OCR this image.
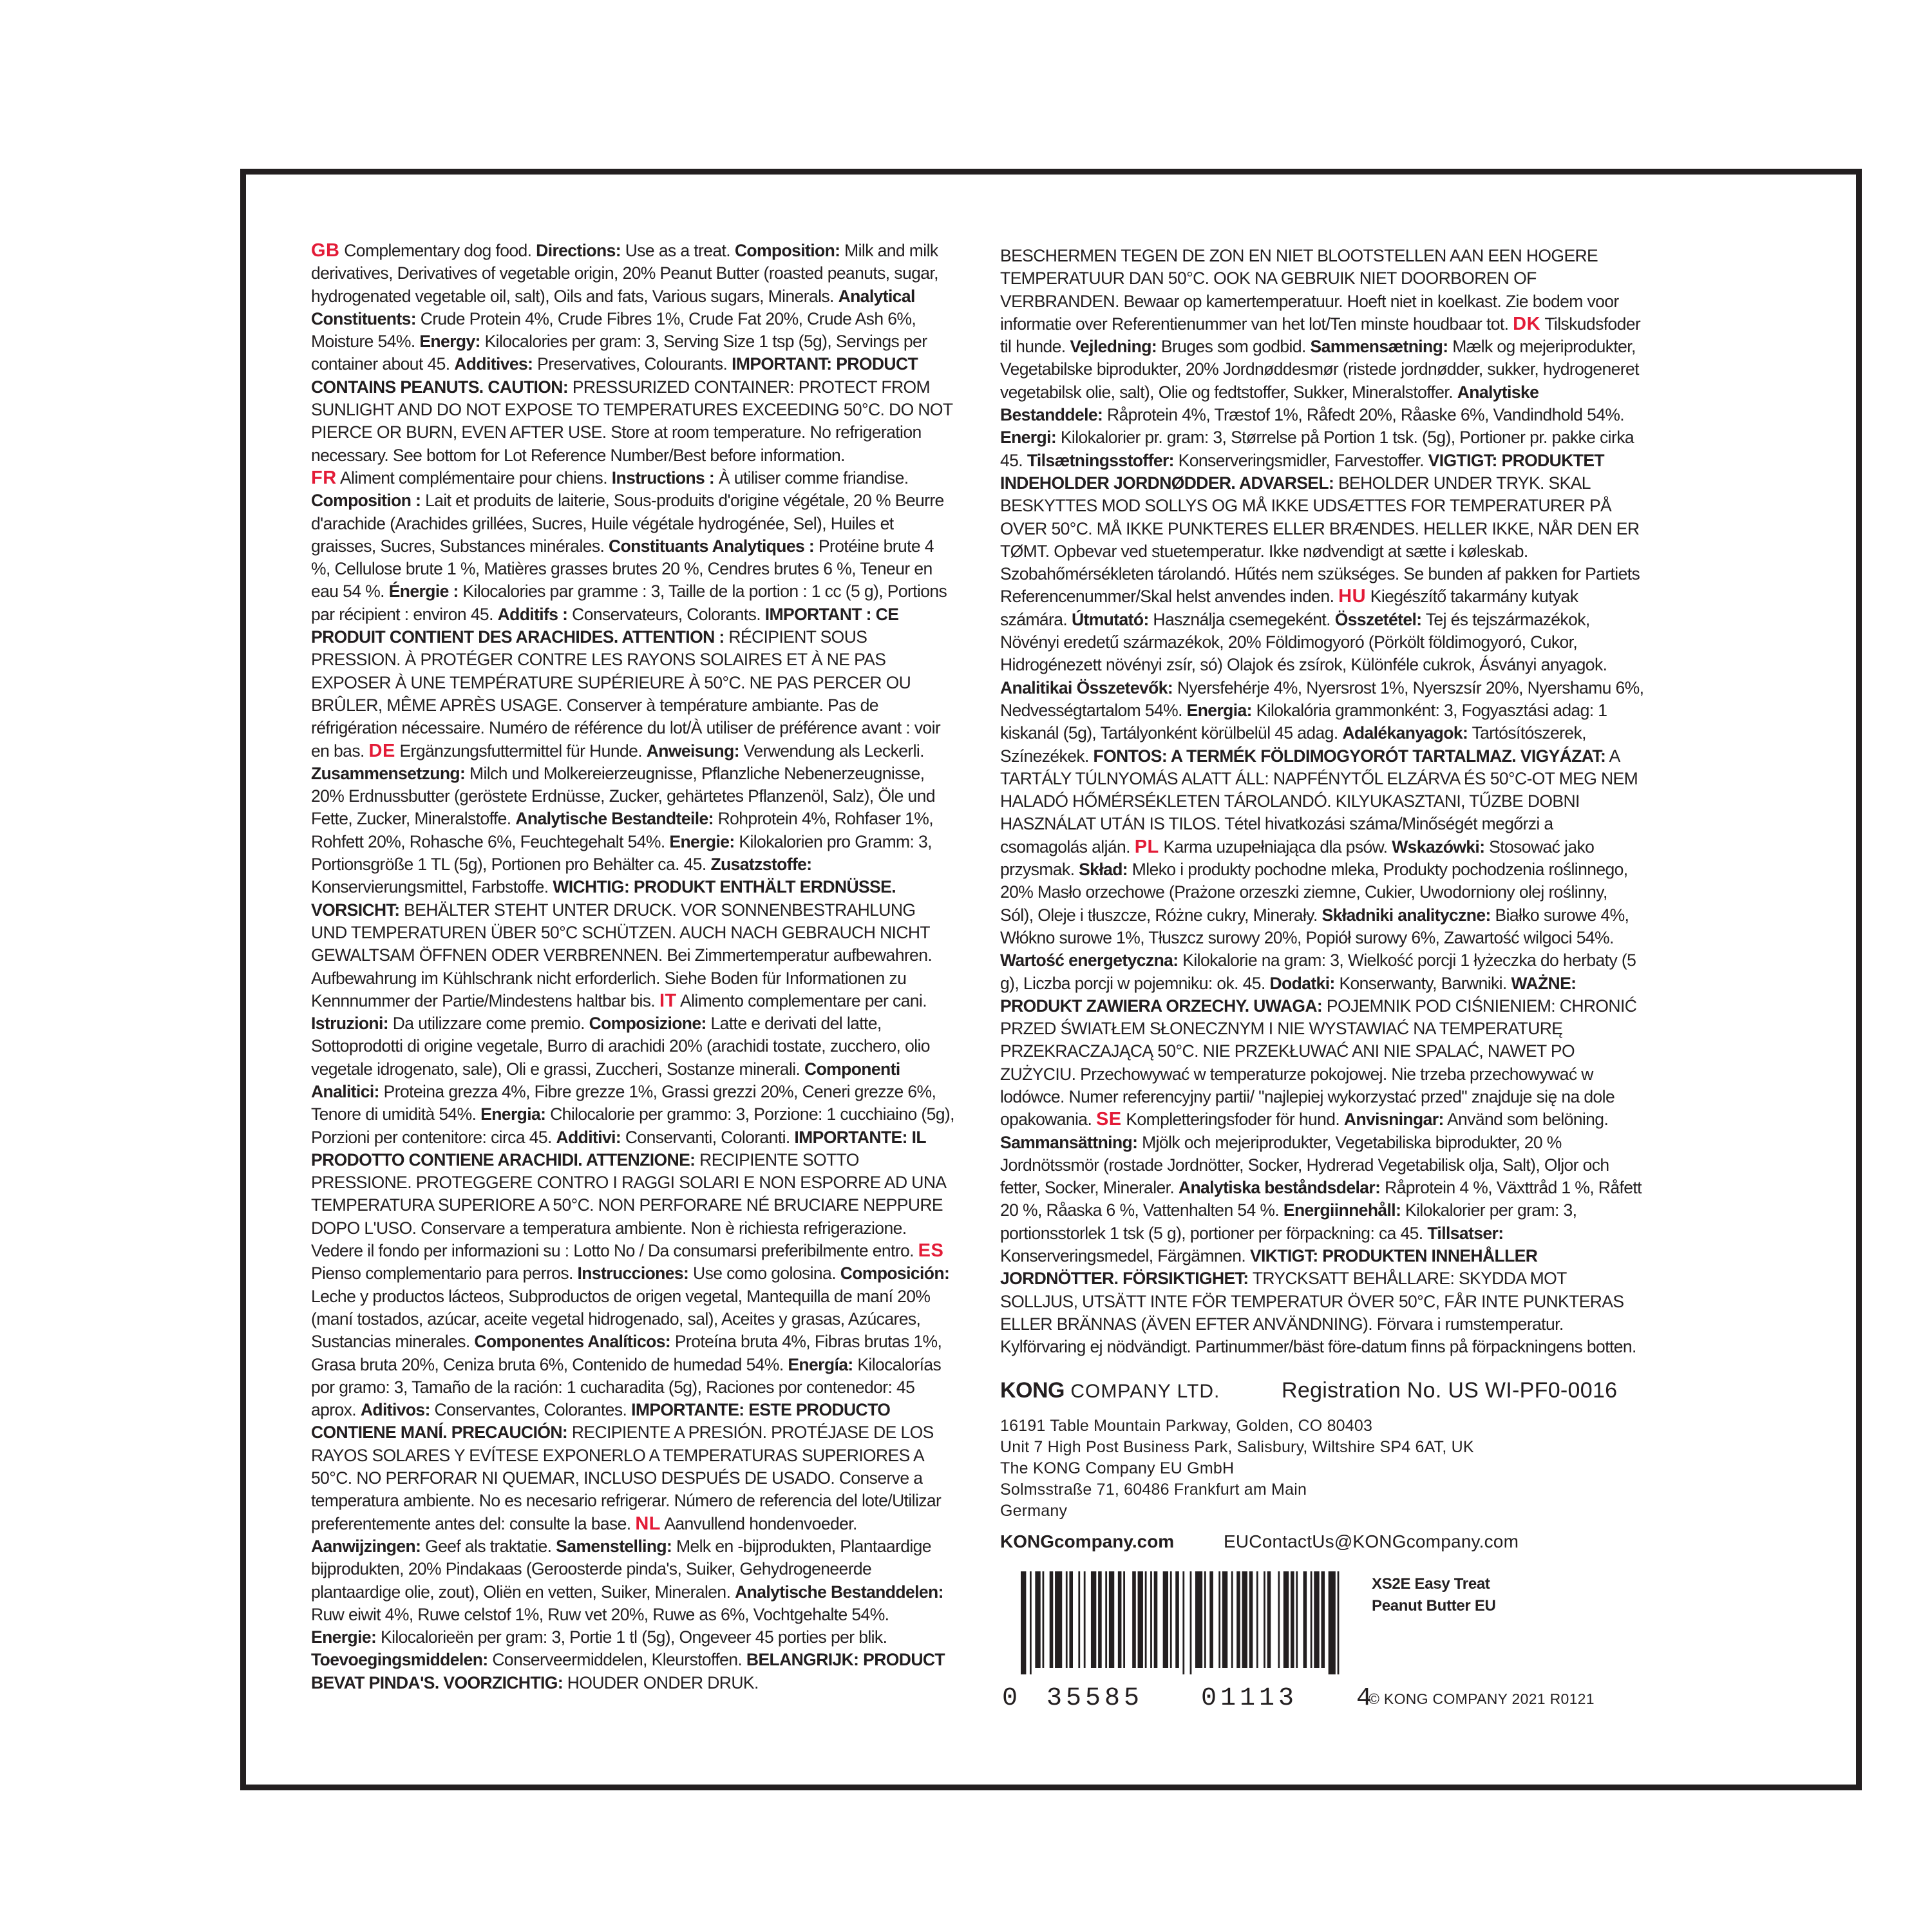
GB Complementary dog food. Directions: Use as a treat. Composition: Milk and milk derivatives, Derivatives of vegetable origin, 20% Peanut Butter (roasted peanuts, sugar, hydrogenated vegetable oil, salt), Oils and fats, Various sugars, Minerals. Analytical Constituents: Crude Protein 4%, Crude Fibres 1%, Crude Fat 20%, Crude Ash 6%, Moisture 54%. Energy: Kilocalories per gram: 3, Serving Size 1 tsp (5g), Servings per container about 45. Additives: Preservatives, Colourants. IMPORTANT: PRODUCT CONTAINS PEANUTS. CAUTION: PRESSURIZED CONTAINER: PROTECT FROM SUNLIGHT AND DO NOT EXPOSE TO TEMPERATURES EXCEEDING 50°C. DO NOT PIERCE OR BURN, EVEN AFTER USE. Store at room temperature. No refrigeration necessary. See bottom for Lot Reference Number/Best before information.

FR Aliment complémentaire pour chiens. Instructions : À utiliser comme friandise. Composition : Lait et produits de laiterie, Sous-produits d'origine végétale, 20 % Beurre d'arachide (Arachides grillées, Sucres, Huile végétale hydrogénée, Sel), Huiles et graisses, Sucres, Substances minérales. Constituants Analytiques : Protéine brute 4 %, Cellulose brute 1 %, Matières grasses brutes 20 %, Cendres brutes 6 %, Teneur en eau 54 %. Énergie : Kilocalories par gramme : 3, Taille de la portion : 1 cc (5 g), Portions par récipient : environ 45. Additifs : Conservateurs, Colorants. IMPORTANT : CE PRODUIT CONTIENT DES ARACHIDES. ATTENTION : RÉCIPIENT SOUS PRESSION. À PROTÉGER CONTRE LES RAYONS SOLAIRES ET À NE PAS EXPOSER À UNE TEMPÉRATURE SUPÉRIEURE À 50°C. NE PAS PERCER OU BRÛLER, MÊME APRÈS USAGE. Conserver à température ambiante. Pas de réfrigération nécessaire. Numéro de référence du lot/À utiliser de préférence avant : voir en bas. DE Ergänzungsfuttermittel für Hunde. Anweisung: Verwendung als Leckerli. Zusammensetzung: Milch und Molkereierzeugnisse, Pflanzliche Nebenerzeugnisse, 20% Erdnussbutter (geröstete Erdnüsse, Zucker, gehärtetes Pflanzenöl, Salz), Öle und Fette, Zucker, Mineralstoffe. Analytische Bestandteile: Rohprotein 4%, Rohfaser 1%, Rohfett 20%, Rohasche 6%, Feuchtegehalt 54%. Energie: Kilokalorien pro Gramm: 3, Portionsgröße 1 TL (5g), Portionen pro Behälter ca. 45. Zusatzstoffe: Konservierungsmittel, Farbstoffe. WICHTIG: PRODUKT ENTHÄLT ERDNÜSSE. VORSICHT: BEHÄLTER STEHT UNTER DRUCK. VOR SONNENBESTRAHLUNG UND TEMPERATUREN ÜBER 50°C SCHÜTZEN. AUCH NACH GEBRAUCH NICHT GEWALTSAM ÖFFNEN ODER VERBRENNEN. Bei Zimmertemperatur aufbewahren. Aufbewahrung im Kühlschrank nicht erforderlich. Siehe Boden für Informationen zu Kennnummer der Partie/Mindestens haltbar bis. IT Alimento complementare per cani. Istruzioni: Da utilizzare come premio. Composizione: Latte e derivati del latte, Sottoprodotti di origine vegetale, Burro di arachidi 20% (arachidi tostate, zucchero, olio vegetale idrogenato, sale), Oli e grassi, Zuccheri, Sostanze minerali. Componenti Analitici: Proteina grezza 4%, Fibre grezze 1%, Grassi grezzi 20%, Ceneri grezze 6%, Tenore di umidità 54%. Energia: Chilocalorie per grammo: 3, Porzione: 1 cucchiaino (5g), Porzioni per contenitore: circa 45. Additivi: Conservanti, Coloranti. IMPORTANTE: IL PRODOTTO CONTIENE ARACHIDI. ATTENZIONE: RECIPIENTE SOTTO PRESSIONE. PROTEGGERE CONTRO I RAGGI SOLARI E NON ESPORRE AD UNA TEMPERATURA SUPERIORE A 50°C. NON PERFORARE NÉ BRUCIARE NEPPURE DOPO L'USO. Conservare a temperatura ambiente. Non è richiesta refrigerazione. Vedere il fondo per informazioni su : Lotto No / Da consumarsi preferibilmente entro. ES Pienso complementario para perros. Instrucciones: Use como golosina. Composición: Leche y productos lácteos, Subproductos de origen vegetal, Mantequilla de maní 20% (maní tostados, azúcar, aceite vegetal hidrogenado, sal), Aceites y grasas, Azúcares, Sustancias minerales. Componentes Analíticos: Proteína bruta 4%, Fibras brutas 1%, Grasa bruta 20%, Ceniza bruta 6%, Contenido de humedad 54%. Energía: Kilocalorías por gramo: 3, Tamaño de la ración: 1 cucharadita (5g), Raciones por contenedor: 45 aprox. Aditivos: Conservantes, Colorantes. IMPORTANTE: ESTE PRODUCTO CONTIENE MANÍ. PRECAUCIÓN: RECIPIENTE A PRESIÓN. PROTÉJASE DE LOS RAYOS SOLARES Y EVÍTESE EXPONERLO A TEMPERATURAS SUPERIORES A 50°C. NO PERFORAR NI QUEMAR, INCLUSO DESPUÉS DE USADO. Conserve a temperatura ambiente. No es necesario refrigerar. Número de referencia del lote/Utilizar preferentemente antes del: consulte la base. NL Aanvullend hondenvoeder. Aanwijzingen: Geef als traktatie. Samenstelling: Melk en -bijprodukten, Plantaardige bijprodukten, 20% Pindakaas (Geroosterde pinda's, Suiker, Gehydrogeneerde plantaardige olie, zout), Oliën en vetten, Suiker, Mineralen. Analytische Bestanddelen: Ruw eiwit 4%, Ruwe celstof 1%, Ruw vet 20%, Ruwe as 6%, Vochtgehalte 54%. Energie: Kilocalorieën per gram: 3, Portie 1 tl (5g), Ongeveer 45 porties per blik. Toevoegingsmiddelen: Conserveermiddelen, Kleurstoffen. BELANGRIJK: PRODUCT BEVAT PINDA'S. VOORZICHTIG: HOUDER ONDER DRUK.

BESCHERMEN TEGEN DE ZON EN NIET BLOOTSTELLEN AAN EEN HOGERE TEMPERATUUR DAN 50°C. OOK NA GEBRUIK NIET DOORBOREN OF VERBRANDEN. Bewaar op kamertemperatuur. Hoeft niet in koelkast. Zie bodem voor informatie over Referentienummer van het lot/Ten minste houdbaar tot. DK Tilskudsfoder til hunde. Vejledning: Bruges som godbid. Sammensætning: Mælk og mejeriprodukter, Vegetabilske biprodukter, 20% Jordnøddesmør (ristede jordnødder, sukker, hydrogeneret vegetabilsk olie, salt), Olie og fedtstoffer, Sukker, Mineralstoffer. Analytiske Bestanddele: Råprotein 4%, Træstof 1%, Råfedt 20%, Råaske 6%, Vandindhold 54%. Energi: Kilokalorier pr. gram: 3, Størrelse på Portion 1 tsk. (5g), Portioner pr. pakke cirka 45. Tilsætningsstoffer: Konserveringsmidler, Farvestoffer. VIGTIGT: PRODUKTET INDEHOLDER JORDNØDDER. ADVARSEL: BEHOLDER UNDER TRYK. SKAL BESKYTTES MOD SOLLYS OG MÅ IKKE UDSÆTTES FOR TEMPERATURER PÅ OVER 50°C. MÅ IKKE PUNKTERES ELLER BRÆNDES. HELLER IKKE, NÅR DEN ER TØMT. Opbevar ved stuetemperatur. Ikke nødvendigt at sætte i køleskab. Szobahőmérsékleten tárolandó. Hűtés nem szükséges. Se bunden af pakken for Partiets Referencenummer/Skal helst anvendes inden. HU Kiegészítő takarmány kutyak számára. Útmutató: Használja csemegeként. Összetétel: Tej és tejszármazékok, Növényi eredetű származékok, 20% Földimogyoró (Pörkölt földimogyoró, Cukor, Hidrogénezett növényi zsír, só) Olajok és zsírok, Különféle cukrok, Ásványi anyagok. Analitikai Összetevők: Nyersfehérje 4%, Nyersrost 1%, Nyerszsír 20%, Nyershamu 6%, Nedvességtartalom 54%. Energia: Kilokalória grammonként: 3, Fogyasztási adag: 1 kiskanál (5g), Tartályonként körülbelül 45 adag. Adalékanyagok: Tartósítószerek, Színezékek. FONTOS: A TERMÉK FÖLDIMOGYORÓT TARTALMAZ. VIGYÁZAT: A TARTÁLY TÚLNYOMÁS ALATT ÁLL: NAPFÉNYTŐL ELZÁRVA ÉS 50°C-OT MEG NEM HALADÓ HŐMÉRSÉKLETEN TÁROLANDÓ. KILYUKASZTANI, TŰZBE DOBNI HASZNÁLAT UTÁN IS TILOS. Tétel hivatkozási száma/Minőségét megőrzi a csomagolás alján. PL Karma uzupełniająca dla psów. Wskazówki: Stosować jako przysmak. Skład: Mleko i produkty pochodne mleka, Produkty pochodzenia roślinnego, 20% Masło orzechowe (Prażone orzeszki ziemne, Cukier, Uwodorniony olej roślinny, Sól), Oleje i tłuszcze, Różne cukry, Minerały. Składniki analityczne: Białko surowe 4%, Włókno surowe 1%, Tłuszcz surowy 20%, Popiół surowy 6%, Zawartość wilgoci 54%. Wartość energetyczna: Kilokalorie na gram: 3, Wielkość porcji 1 łyżeczka do herbaty (5 g), Liczba porcji w pojemniku: ok. 45. Dodatki: Konserwanty, Barwniki. WAŻNE: PRODUKT ZAWIERA ORZECHY. UWAGA: POJEMNIK POD CIŚNIENIEM: CHRONIĆ PRZED ŚWIATŁEM SŁONECZNYM I NIE WYSTAWIAĆ NA TEMPERATURĘ PRZEKRACZAJĄCĄ 50°C. NIE PRZEKŁUWAĆ ANI NIE SPALAĆ, NAWET PO ZUŻYCIU. Przechowywać w temperaturze pokojowej. Nie trzeba przechowywać w lodówce. Numer referencyjny partii/ "najlepiej wykorzystać przed" znajduje się na dole opakowania. SE Kompletteringsfoder för hund. Anvisningar: Använd som belöning. Sammansättning: Mjölk och mejeriprodukter, Vegetabiliska biprodukter, 20 % Jordnötssmör (rostade Jordnötter, Socker, Hydrerad Vegetabilisk olja, Salt), Oljor och fetter, Socker, Mineraler. Analytiska beståndsdelar: Råprotein 4 %, Växttråd 1 %, Råfett 20 %, Råaska 6 %, Vattenhalten 54 %. Energiinnehåll: Kilokalorier per gram: 3, portionsstorlek 1 tsk (5 g), portioner per förpackning: ca 45. Tillsatser: Konserveringsmedel, Färgämnen. VIKTIGT: PRODUKTEN INNEHÅLLER JORDNÖTTER. FÖRSIKTIGHET: TRYCKSATT BEHÅLLARE: SKYDDA MOT SOLLJUS, UTSÄTT INTE FÖR TEMPERATUR ÖVER 50°C, FÅR INTE PUNKTERAS ELLER BRÄNNAS (ÄVEN EFTER ANVÄNDNING). Förvara i rumstemperatur. Kylförvaring ej nödvändigt. Partinummer/bäst före-datum finns på förpackningens botten.

KONG COMPANY LTD.	Registration No. US WI-PF0-0016
16191 Table Mountain Parkway, Golden, CO 80403
Unit 7 High Post Business Park, Salisbury, Wiltshire SP4 6AT, UK
The KONG Company EU GmbH
Solmsstraße 71, 60486 Frankfurt am Main
Germany
KONGcompany.com	EUContactUs@KONGcompany.com
0 35585 01113 4
XS2E Easy Treat
Peanut Butter EU
© KONG COMPANY 2021 R0121
